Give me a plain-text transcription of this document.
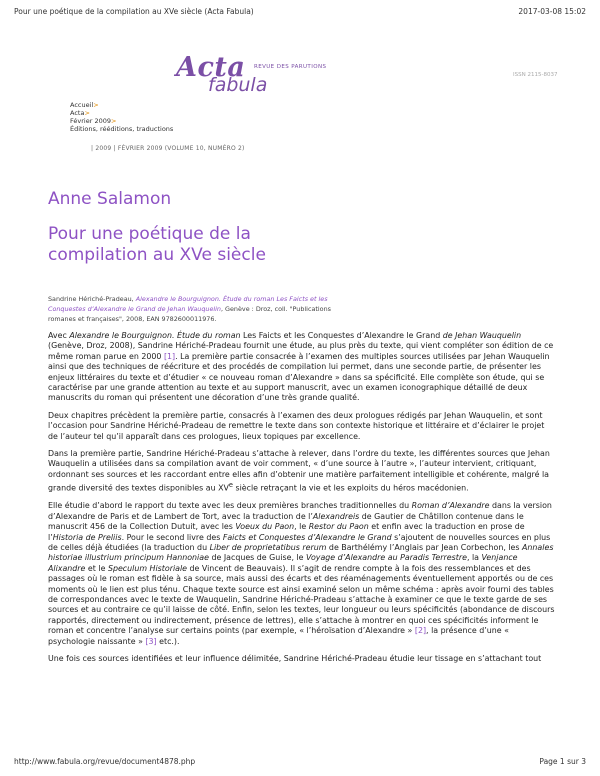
Pour une poétique de la compilation au XVe siècle (Acta Fabula)	2017-03-08 15:02
Acta REVUE DES PARUTIONS
fabula	ISSN 2115-8037
Accueil>
Acta>
Février 2009>
Éditions, rééditions, traductions
| 2009 | FÉVRIER 2009 (VOLUME 10, NUMÉRO 2)
Anne Salamon
Pour une poétique de la compilation au XVe siècle
Sandrine Hériché-Pradeau, Alexandre le Bourguignon. Étude du roman Les Faicts et les Conquestes d’Alexandre le Grand de Jehan Wauquelin, Genève : Droz, coll. "Publications romanes et françaises", 2008, EAN 9782600011976.

Avec Alexandre le Bourguignon. Étude du roman Les Faicts et les Conquestes d’Alexandre le Grand de Jehan Wauquelin (Genève, Droz, 2008), Sandrine Hériché-Pradeau fournit une étude, au plus près du texte, qui vient compléter son édition de ce même roman parue en 2000 [1]. La première partie consacrée à l’examen des multiples sources utilisées par Jehan Wauquelin ainsi que des techniques de réécriture et des procédés de compilation lui permet, dans une seconde partie, de présenter les enjeux littéraires du texte et d’étudier « ce nouveau roman d’Alexandre » dans sa spécificité. Elle complète son étude, qui se caractérise par une grande attention au texte et au support manuscrit, avec un examen iconographique détaillé de deux manuscrits du roman qui présentent une décoration d’une très grande qualité.

Deux chapitres précèdent la première partie, consacrés à l’examen des deux prologues rédigés par Jehan Wauquelin, et sont l’occasion pour Sandrine Hériché-Pradeau de remettre le texte dans son contexte historique et littéraire et d’éclairer le projet de l’auteur tel qu’il apparaît dans ces prologues, lieux topiques par excellence.

Dans la première partie, Sandrine Hériché-Pradeau s’attache à relever, dans l’ordre du texte, les différentes sources que Jehan Wauquelin a utilisées dans sa compilation avant de voir comment, « d’une source à l’autre », l’auteur intervient, critiquant, ordonnant ses sources et les raccordant entre elles afin d’obtenir une matière parfaitement intelligible et cohérente, malgré la grande diversité des textes disponibles au XVe siècle retraçant la vie et les exploits du héros macédonien.

Elle étudie d’abord le rapport du texte avec les deux premières branches traditionnelles du Roman d’Alexandre dans la version d’Alexandre de Paris et de Lambert de Tort, avec la traduction de l’Alexandreis de Gautier de Châtillon contenue dans le manuscrit 456 de la Collection Dutuit, avec les Voeux du Paon, le Restor du Paon et enfin avec la traduction en prose de l’Historia de Preliis. Pour le second livre des Faicts et Conquestes d’Alexandre le Grand s’ajoutent de nouvelles sources en plus de celles déjà étudiées (la traduction du Liber de proprietatibus rerum de Barthélémy l’Anglais par Jean Corbechon, les Annales historiae illustrium principum Hannoniae de Jacques de Guise, le Voyage d’Alexandre au Paradis Terrestre, la Venjance Alixandre et le Speculum Historiale de Vincent de Beauvais). Il s’agit de rendre compte à la fois des ressemblances et des passages où le roman est fidèle à sa source, mais aussi des écarts et des réaménagements éventuellement apportés ou de ces moments où le lien est plus ténu. Chaque texte source est ainsi examiné selon un même schéma : après avoir fourni des tables de correspondances avec le texte de Wauquelin, Sandrine Hériché-Pradeau s’attache à examiner ce que le texte garde de ses sources et au contraire ce qu’il laisse de côté. Enfin, selon les textes, leur longueur ou leurs spécificités (abondance de discours rapportés, directement ou indirectement, présence de lettres), elle s’attache à montrer en quoi ces spécificités informent le roman et concentre l’analyse sur certains points (par exemple, « l’héroïsation d’Alexandre » [2], la présence d’une « psychologie naissante » [3] etc.).

Une fois ces sources identifiées et leur influence délimitée, Sandrine Hériché-Pradeau étudie leur tissage en s’attachant tout

http://www.fabula.org/revue/document4878.php	Page 1 sur 3
